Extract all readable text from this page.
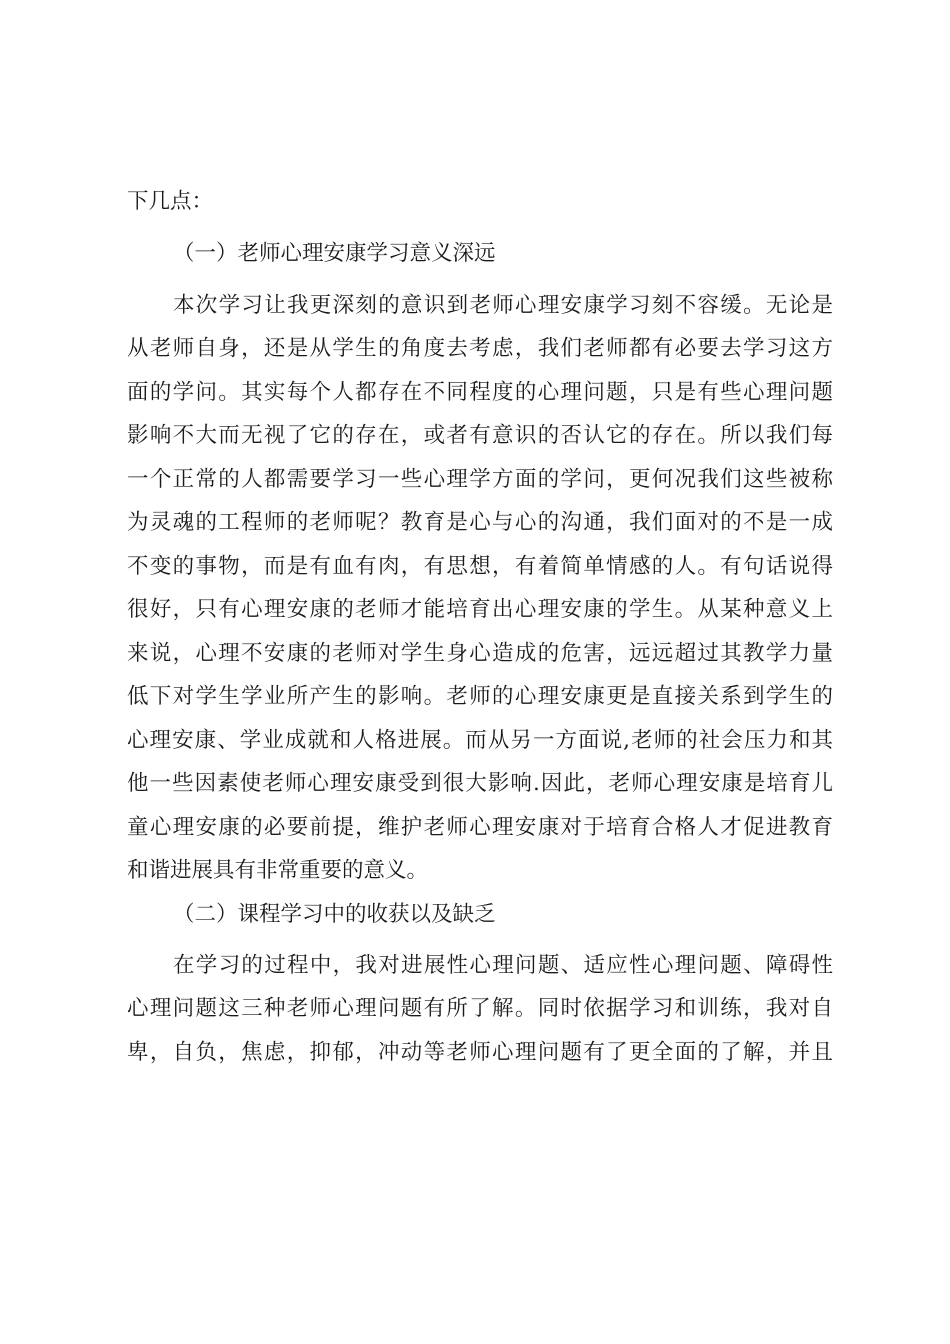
下几点：
（一）老师心理安康学习意义深远
本次学习让我更深刻的意识到老师心理安康学习刻不容缓。无论是
从老师自身，还是从学生的角度去考虑，我们老师都有必要去学习这方
面的学问。其实每个人都存在不同程度的心理问题，只是有些心理问题
影响不大而无视了它的存在，或者有意识的否认它的存在。所以我们每
一个正常的人都需要学习一些心理学方面的学问，更何况我们这些被称
为灵魂的工程师的老师呢？教育是心与心的沟通，我们面对的不是一成
不变的事物，而是有血有肉，有思想，有着简单情感的人。有句话说得
很好，只有心理安康的老师才能培育出心理安康的学生。从某种意义上
来说，心理不安康的老师对学生身心造成的危害，远远超过其教学力量
低下对学生学业所产生的影响。老师的心理安康更是直接关系到学生的
心理安康、学业成就和人格进展。而从另一方面说,老师的社会压力和其
他一些因素使老师心理安康受到很大影响.因此，老师心理安康是培育儿
童心理安康的必要前提，维护老师心理安康对于培育合格人才促进教育
和谐进展具有非常重要的意义。
（二）课程学习中的收获以及缺乏
在学习的过程中，我对进展性心理问题、适应性心理问题、障碍性
心理问题这三种老师心理问题有所了解。同时依据学习和训练，我对自
卑，自负，焦虑，抑郁，冲动等老师心理问题有了更全面的了解，并且
